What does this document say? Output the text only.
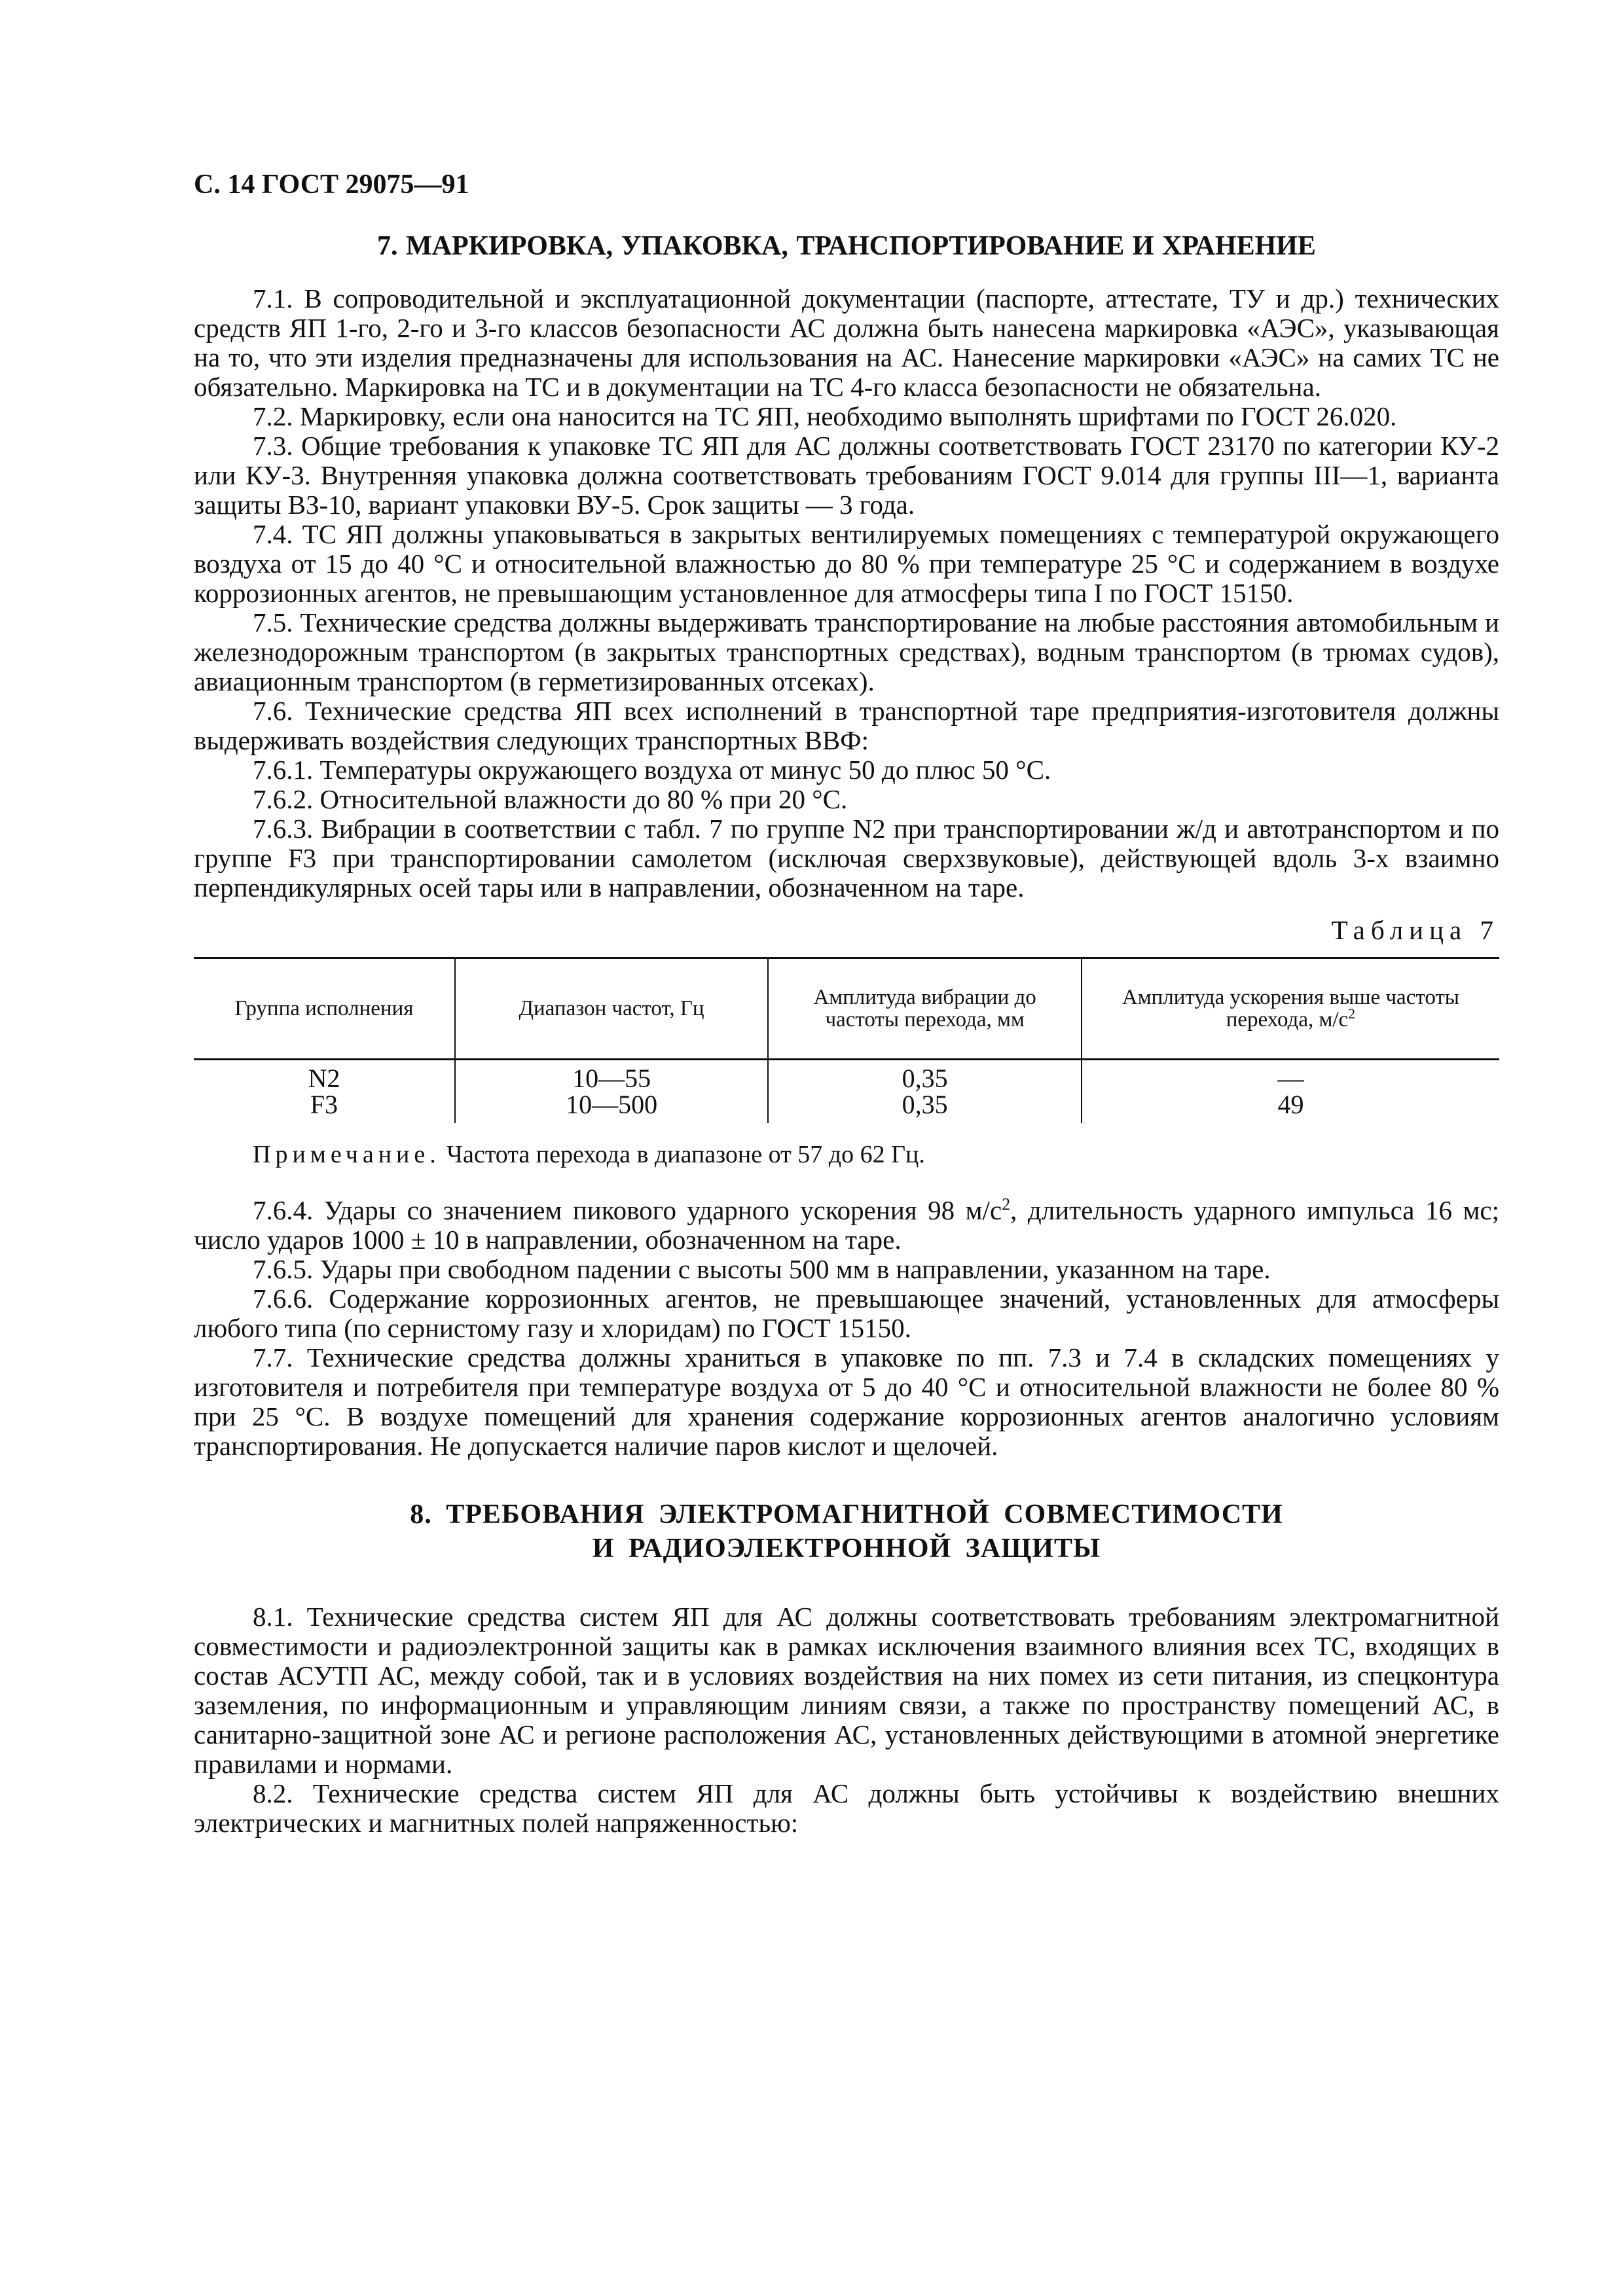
С. 14 ГОСТ 29075—91
7. МАРКИРОВКА, УПАКОВКА, ТРАНСПОРТИРОВАНИЕ И ХРАНЕНИЕ

7.1. В сопроводительной и эксплуатационной документации (паспорте, аттестате, ТУ и др.) технических средств ЯП 1-го, 2-го и 3-го классов безопасности АС должна быть нанесена маркировка «АЭС», указывающая на то, что эти изделия предназначены для использования на АС. Нанесение маркировки «АЭС» на самих ТС не обязательно. Маркировка на ТС и в документации на ТС 4-го класса безопасности не обязательна.

7.2. Маркировку, если она наносится на ТС ЯП, необходимо выполнять шрифтами по ГОСТ 26.020.

7.3. Общие требования к упаковке ТС ЯП для АС должны соответствовать ГОСТ 23170 по категории КУ-2 или КУ-3. Внутренняя упаковка должна соответствовать требованиям ГОСТ 9.014 для группы III—1, варианта защиты ВЗ-10, вариант упаковки ВУ-5. Срок защиты — 3 года.

7.4. ТС ЯП должны упаковываться в закрытых вентилируемых помещениях с температурой окружающего воздуха от 15 до 40 °С и относительной влажностью до 80 % при температуре 25 °С и содержанием в воздухе коррозионных агентов, не превышающим установленное для атмосферы типа I по ГОСТ 15150.

7.5. Технические средства должны выдерживать транспортирование на любые расстояния автомобильным и железнодорожным транспортом (в закрытых транспортных средствах), водным транспортом (в трюмах судов), авиационным транспортом (в герметизированных отсеках).

7.6. Технические средства ЯП всех исполнений в транспортной таре предприятия-изготовителя должны выдерживать воздействия следующих транспортных ВВФ:

7.6.1. Температуры окружающего воздуха от минус 50 до плюс 50 °С.

7.6.2. Относительной влажности до 80 % при 20 °С.

7.6.3. Вибрации в соответствии с табл. 7 по группе N2 при транспортировании ж/д и автотранспортом и по группе F3 при транспортировании самолетом (исключая сверхзвуковые), действующей вдоль 3-х взаимно перпендикулярных осей тары или в направлении, обозначенном на таре.

Таблица 7
Группа исполнения	Диапазон частот, Гц	Амплитуда вибрации до частоты перехода, мм	Амплитуда ускорения выше частоты перехода, $м/с^2$
N2	10—55	0,35	—
F3	10—500	0,35	49

Примечание. Частота перехода в диапазоне от 57 до 62 Гц.

7.6.4. Удары со значением пикового ударного ускорения 98 $м/с^2$, длительность ударного импульса 16 мс; число ударов 1000 ± 10 в направлении, обозначенном на таре.

7.6.5. Удары при свободном падении с высоты 500 мм в направлении, указанном на таре.

7.6.6. Содержание коррозионных агентов, не превышающее значений, установленных для атмосферы любого типа (по сернистому газу и хлоридам) по ГОСТ 15150.

7.7. Технические средства должны храниться в упаковке по пп. 7.3 и 7.4 в складских помещениях у изготовителя и потребителя при температуре воздуха от 5 до 40 °С и относительной влажности не более 80 % при 25 °С. В воздухе помещений для хранения содержание коррозионных агентов аналогично условиям транспортирования. Не допускается наличие паров кислот и щелочей.

8. ТРЕБОВАНИЯ ЭЛЕКТРОМАГНИТНОЙ СОВМЕСТИМОСТИ
И РАДИОЭЛЕКТРОННОЙ ЗАЩИТЫ

8.1. Технические средства систем ЯП для АС должны соответствовать требованиям электромагнитной совместимости и радиоэлектронной защиты как в рамках исключения взаимного влияния всех ТС, входящих в состав АСУТП АС, между собой, так и в условиях воздействия на них помех из сети питания, из спецконтура заземления, по информационным и управляющим линиям связи, а также по пространству помещений АС, в санитарно-защитной зоне АС и регионе расположения АС, установленных действующими в атомной энергетике правилами и нормами.

8.2. Технические средства систем ЯП для АС должны быть устойчивы к воздействию внешних электрических и магнитных полей напряженностью:
